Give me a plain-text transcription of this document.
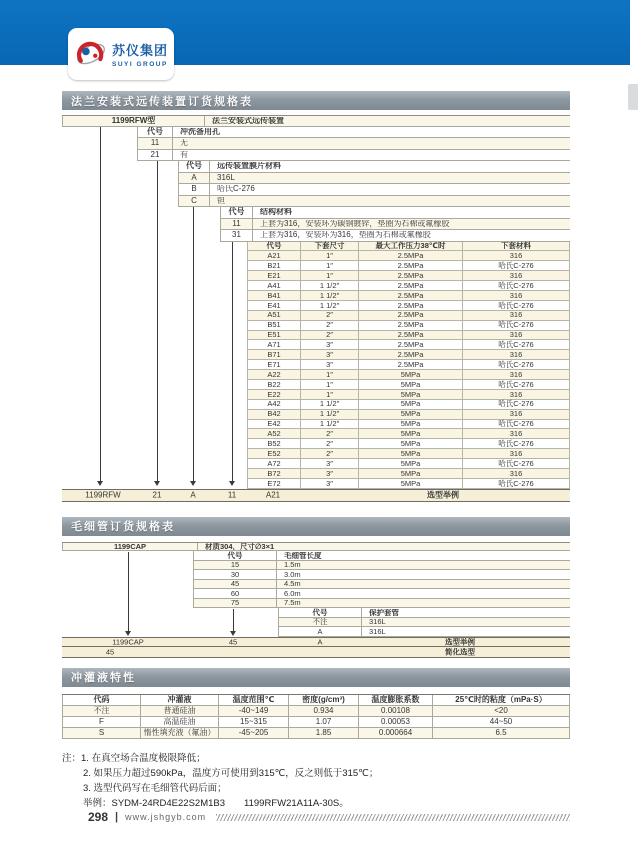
苏仪集团
SUYI GROUP
法兰安装式远传装置订货规格表
1199RFW型	法兰安装式远传装置
代号	冲洗备用孔
11	无
21	有
代号	远传装置膜片材料
A	316L
B	哈氏C-276
C	钽
代号	结构材料
11	上套为316，安装环为碳钢镀锌，垫圈为石棉或氟橡胶
31	上套为316，安装环为316，垫圈为石棉或氟橡胶
代号	下套尺寸	最大工作压力38℃时	下套材料
A21	1″	2.5MPa	316
B21	1″	2.5MPa	哈氏C-276
E21	1″	2.5MPa	316
A41	1 1/2″	2.5MPa	哈氏C-276
B41	1 1/2″	2.5MPa	316
E41	1 1/2″	2.5MPa	哈氏C-276
A51	2″	2.5MPa	316
B51	2″	2.5MPa	哈氏C-276
E51	2″	2.5MPa	316
A71	3″	2.5MPa	哈氏C-276
B71	3″	2.5MPa	316
E71	3″	2.5MPa	哈氏C-276
A22	1″	5MPa	316
B22	1″	5MPa	哈氏C-276
E22	1″	5MPa	316
A42	1 1/2″	5MPa	哈氏C-276
B42	1 1/2″	5MPa	316
E42	1 1/2″	5MPa	哈氏C-276
A52	2″	5MPa	316
B52	2″	5MPa	哈氏C-276
E52	2″	5MPa	316
A72	3″	5MPa	哈氏C-276
B72	3″	5MPa	316
E72	3″	5MPa	哈氏C-276
1199RFW	21	A	11	A21	选型举例
毛细管订货规格表
1199CAP	材质304，尺寸∅3×1
代号	毛细管长度
15	1.5m
30	3.0m
45	4.5m
60	6.0m
75	7.5m
代号	保护套管
不注	316L
A	316L
1199CAP	45	A	选型举例
45	简化选型
冲灌液特性
代码	冲灌液	温度范围℃	密度(g/cm³)	温度膨胀系数	25℃时的粘度（mPa·S）
不注	普通硅油	-40~149	0.934	0.00108	<20
F	高温硅油	15~315	1.07	0.00053	44~50
S	惰性填充液（氟油）	-45~205	1.85	0.000664	6.5
注： 1. 在真空场合温度极限降低；
2. 如果压力超过590kPa，温度方可使用到315℃，反之则低于315℃；
3. 选型代码写在毛细管代码后面；
举例：SYDM-24RD4E22S2M1B3　　1199RFW21A11A-30S。
298 | www.jshgyb.com
